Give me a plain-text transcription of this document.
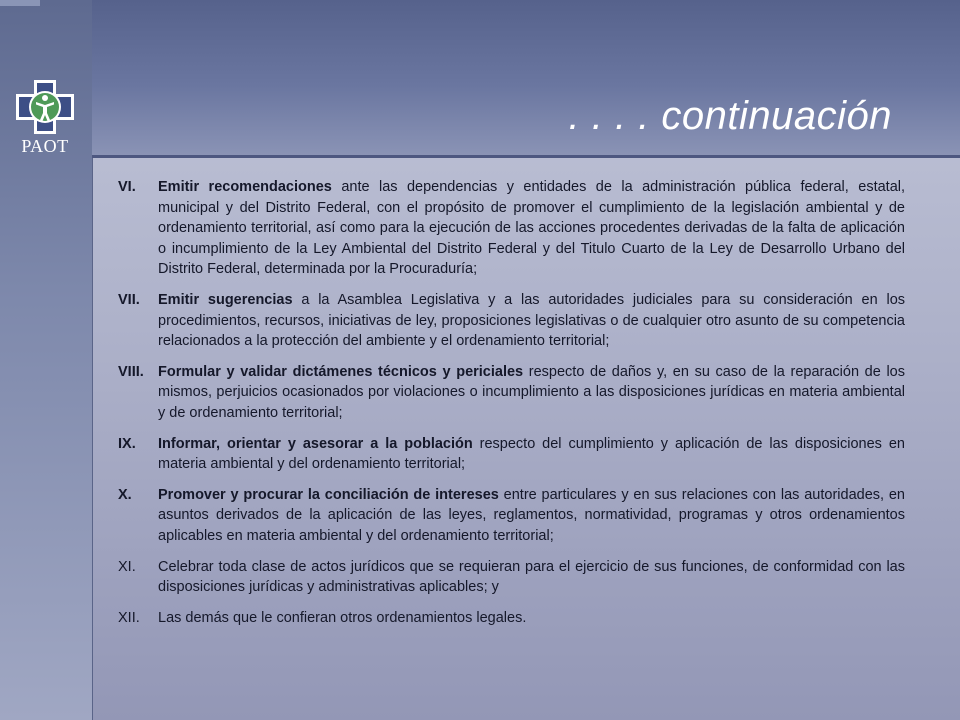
PAOT
. . . . continuación
VI. Emitir recomendaciones ante las dependencias y entidades de la administración pública federal, estatal, municipal y del Distrito Federal, con el propósito de promover el cumplimiento de la legislación ambiental y de ordenamiento territorial, así como para la ejecución de las acciones procedentes derivadas de la falta de aplicación o incumplimiento de la Ley Ambiental del Distrito Federal y del Titulo Cuarto de la Ley de Desarrollo Urbano del Distrito Federal, determinada por la Procuraduría;
VII. Emitir sugerencias a la Asamblea Legislativa y a las autoridades judiciales para su consideración en los procedimientos, recursos, iniciativas de ley, proposiciones legislativas o de cualquier otro asunto de su competencia relacionados a la protección del ambiente y el ordenamiento territorial;
VIII. Formular y validar dictámenes técnicos y periciales respecto de daños y, en su caso de la reparación de los mismos, perjuicios ocasionados por violaciones o incumplimiento a las disposiciones jurídicas en materia ambiental y de ordenamiento territorial;
IX. Informar, orientar y asesorar a la población respecto del cumplimiento y aplicación de las disposiciones en materia ambiental y del ordenamiento territorial;
X. Promover y procurar la conciliación de intereses entre particulares y en sus relaciones con las autoridades, en asuntos derivados de la aplicación de las leyes, reglamentos, normatividad, programas y otros ordenamientos aplicables en materia ambiental y del ordenamiento territorial;
XI. Celebrar toda clase de actos jurídicos que se requieran para el ejercicio de sus funciones, de conformidad con las disposiciones jurídicas y administrativas aplicables; y
XII. Las demás que le confieran otros ordenamientos legales.
